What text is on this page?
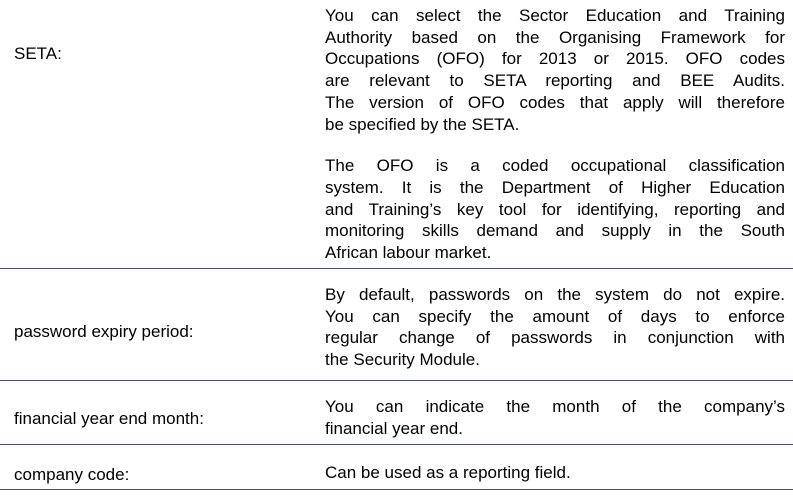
SETA:
You can select the Sector Education and Training
Authority based on the Organising Framework for
Occupations (OFO) for 2013 or 2015. OFO codes
are relevant to SETA reporting and BEE Audits.
The version of OFO codes that apply will therefore
be specified by the SETA.
The OFO is a coded occupational classification
system. It is the Department of Higher Education
and Training’s key tool for identifying, reporting and
monitoring skills demand and supply in the South
African labour market.
password expiry period:
By default, passwords on the system do not expire.
You can specify the amount of days to enforce
regular change of passwords in conjunction with
the Security Module.
financial year end month:
You can indicate the month of the company’s
financial year end.
company code:	Can be used as a reporting field.
